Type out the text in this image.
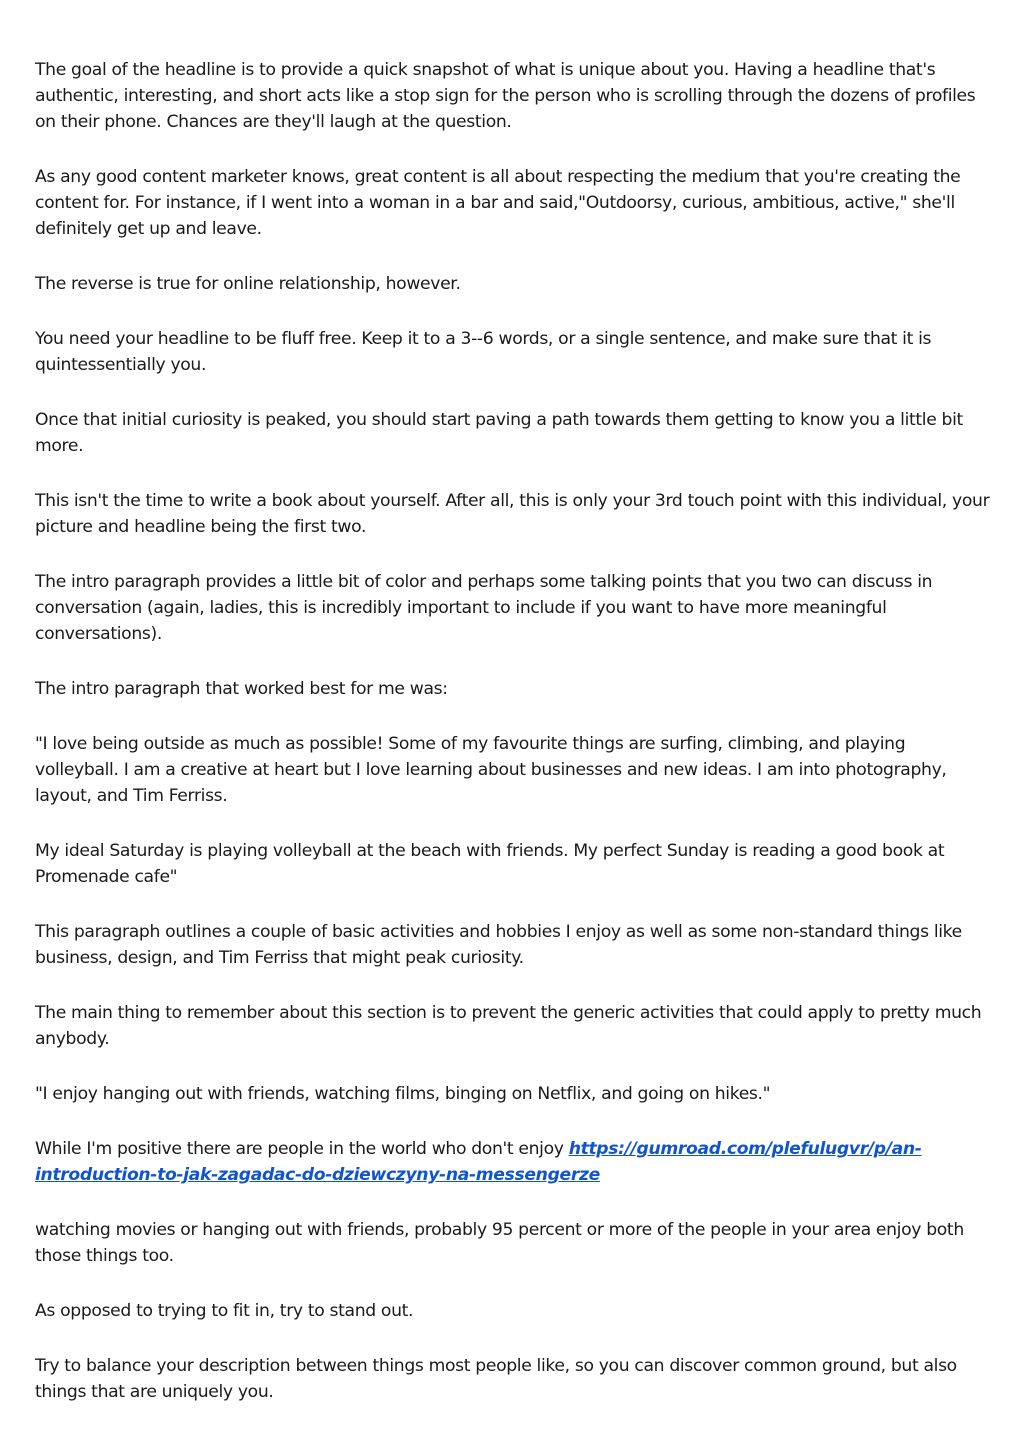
The goal of the headline is to provide a quick snapshot of what is unique about you. Having a headline that's authentic, interesting, and short acts like a stop sign for the person who is scrolling through the dozens of profiles on their phone. Chances are they'll laugh at the question.

As any good content marketer knows, great content is all about respecting the medium that you're creating the content for. For instance, if I went into a woman in a bar and said,"Outdoorsy, curious, ambitious, active," she'll definitely get up and leave.

The reverse is true for online relationship, however.

You need your headline to be fluff free. Keep it to a 3--6 words, or a single sentence, and make sure that it is quintessentially you.

Once that initial curiosity is peaked, you should start paving a path towards them getting to know you a little bit more.

This isn't the time to write a book about yourself. After all, this is only your 3rd touch point with this individual, your picture and headline being the first two.

The intro paragraph provides a little bit of color and perhaps some talking points that you two can discuss in conversation (again, ladies, this is incredibly important to include if you want to have more meaningful conversations).

The intro paragraph that worked best for me was:

"I love being outside as much as possible! Some of my favourite things are surfing, climbing, and playing volleyball. I am a creative at heart but I love learning about businesses and new ideas. I am into photography, layout, and Tim Ferriss.

My ideal Saturday is playing volleyball at the beach with friends. My perfect Sunday is reading a good book at Promenade cafe"

This paragraph outlines a couple of basic activities and hobbies I enjoy as well as some non-standard things like business, design, and Tim Ferriss that might peak curiosity.

The main thing to remember about this section is to prevent the generic activities that could apply to pretty much anybody.

"I enjoy hanging out with friends, watching films, binging on Netflix, and going on hikes."

While I'm positive there are people in the world who don't enjoy https://gumroad.com/plefulugvr/p/an-introduction-to-jak-zagadac-do-dziewczyny-na-messengerze

watching movies or hanging out with friends, probably 95 percent or more of the people in your area enjoy both those things too.

As opposed to trying to fit in, try to stand out.

Try to balance your description between things most people like, so you can discover common ground, but also things that are uniquely you.
